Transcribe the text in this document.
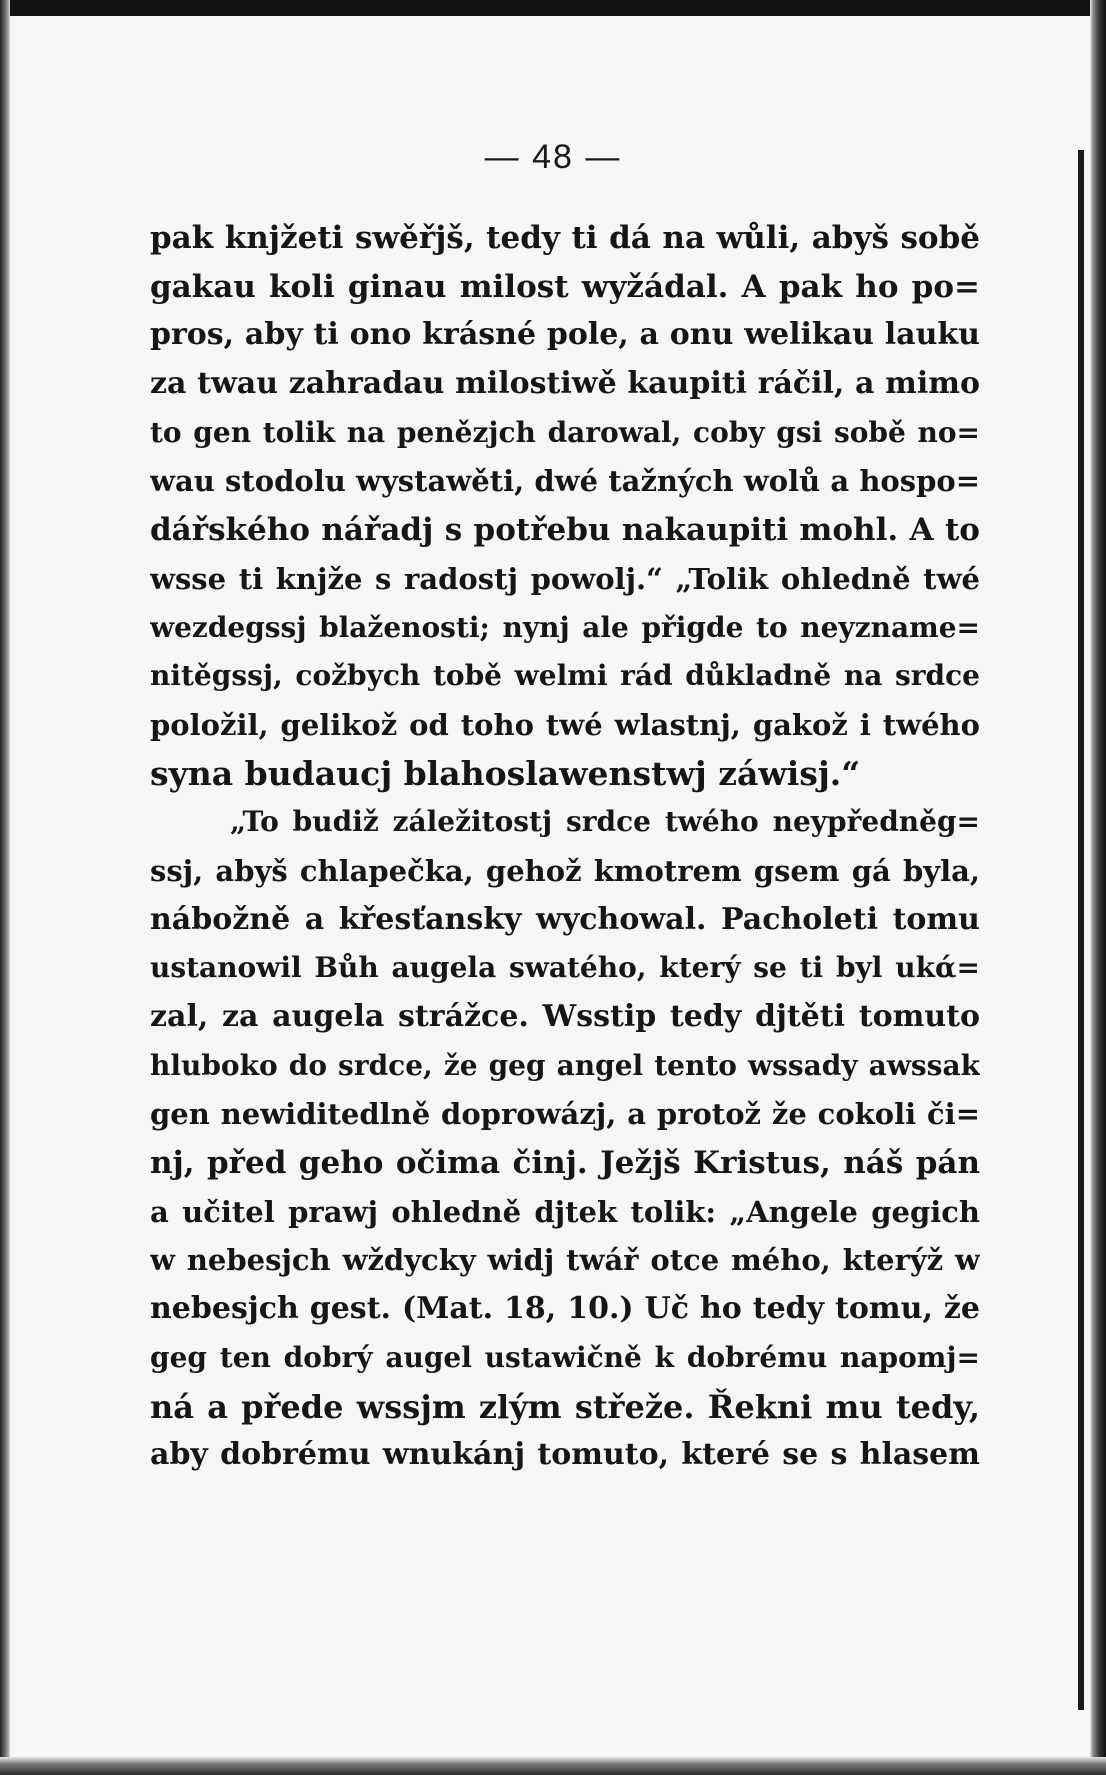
— 48 —
pak knjžeti swěřjš, tedy ti dá na wůli, abyš sobě
gakau koli ginau milost wyžádal. A pak ho po=
pros, aby ti ono krásné pole, a onu welikau lauku
za twau zahradau milostiwě kaupiti ráčil, a mimo
to gen tolik na penězjch darowal, coby gsi sobě no=
wau stodolu wystawěti, dwé tažných wolů a hospo=
dářského nářadj s potřebu nakaupiti mohl. A to
wsse ti knjže s radostj powolj.“ „Tolik ohledně twé
wezdegssj blaženosti; nynj ale přigde to neyzname=
nitěgssj, cožbych tobě welmi rád důkladně na srdce
položil, gelikož od toho twé wlastnj, gakož i twého
syna budaucj blahoslawenstwj záwisj.“
„To budiž záležitostj srdce twého neypředněg=
ssj, abyš chlapečka, gehož kmotrem gsem gá byla,
nábožně a křesťansky wychowal. Pacholeti tomu
ustanowil Bůh augela swatého, který se ti byl ukά=
zal, za augela strážce. Wsstip tedy djtěti tomuto
hluboko do srdce, že geg angel tento wssady awssak
gen newiditedlně doprowázj, a protož že cokoli či=
nj, před geho očima činj. Ježjš Kristus, náš pán
a učitel prawj ohledně djtek tolik: „Angele gegich
w nebesjch wždycky widj twář otce mého, kterýž w
nebesjch gest. (Mat. 18, 10.) Uč ho tedy tomu, že
geg ten dobrý augel ustawičně k dobrému napomj=
ná a přede wssjm zlým střeže. Řekni mu tedy,
aby dobrému wnukánj tomuto, které se s hlasem
